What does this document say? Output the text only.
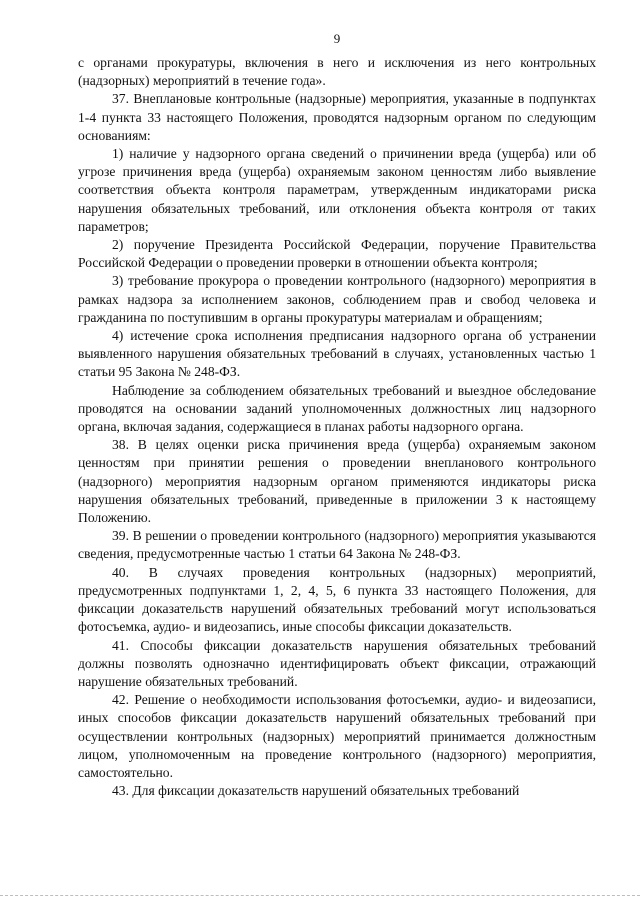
9

с органами прокуратуры, включения в него и исключения из него контрольных (надзорных) мероприятий в течение года».

37. Внеплановые контрольные (надзорные) мероприятия, указанные в подпунктах 1-4 пункта 33 настоящего Положения, проводятся надзорным органом по следующим основаниям:

1) наличие у надзорного органа сведений о причинении вреда (ущерба) или об угрозе причинения вреда (ущерба) охраняемым законом ценностям либо выявление соответствия объекта контроля параметрам, утвержденным индикаторами риска нарушения обязательных требований, или отклонения объекта контроля от таких параметров;

2) поручение Президента Российской Федерации, поручение Правительства Российской Федерации о проведении проверки в отношении объекта контроля;

3) требование прокурора о проведении контрольного (надзорного) мероприятия в рамках надзора за исполнением законов, соблюдением прав и свобод человека и гражданина по поступившим в органы прокуратуры материалам и обращениям;

4) истечение срока исполнения предписания надзорного органа об устранении выявленного нарушения обязательных требований в случаях, установленных частью 1 статьи 95 Закона № 248-ФЗ.

Наблюдение за соблюдением обязательных требований и выездное обследование проводятся на основании заданий уполномоченных должностных лиц надзорного органа, включая задания, содержащиеся в планах работы надзорного органа.

38. В целях оценки риска причинения вреда (ущерба) охраняемым законом ценностям при принятии решения о проведении внепланового контрольного (надзорного) мероприятия надзорным органом применяются индикаторы риска нарушения обязательных требований, приведенные в приложении 3 к настоящему Положению.

39. В решении о проведении контрольного (надзорного) мероприятия указываются сведения, предусмотренные частью 1 статьи 64 Закона № 248-ФЗ.

40. В случаях проведения контрольных (надзорных) мероприятий, предусмотренных подпунктами 1, 2, 4, 5, 6 пункта 33 настоящего Положения, для фиксации доказательств нарушений обязательных требований могут использоваться фотосъемка, аудио- и видеозапись, иные способы фиксации доказательств.

41. Способы фиксации доказательств нарушения обязательных требований должны позволять однозначно идентифицировать объект фиксации, отражающий нарушение обязательных требований.

42. Решение о необходимости использования фотосъемки, аудио- и видеозаписи, иных способов фиксации доказательств нарушений обязательных требований при осуществлении контрольных (надзорных) мероприятий принимается должностным лицом, уполномоченным на проведение контрольного (надзорного) мероприятия, самостоятельно.

43. Для фиксации доказательств нарушений обязательных требований
